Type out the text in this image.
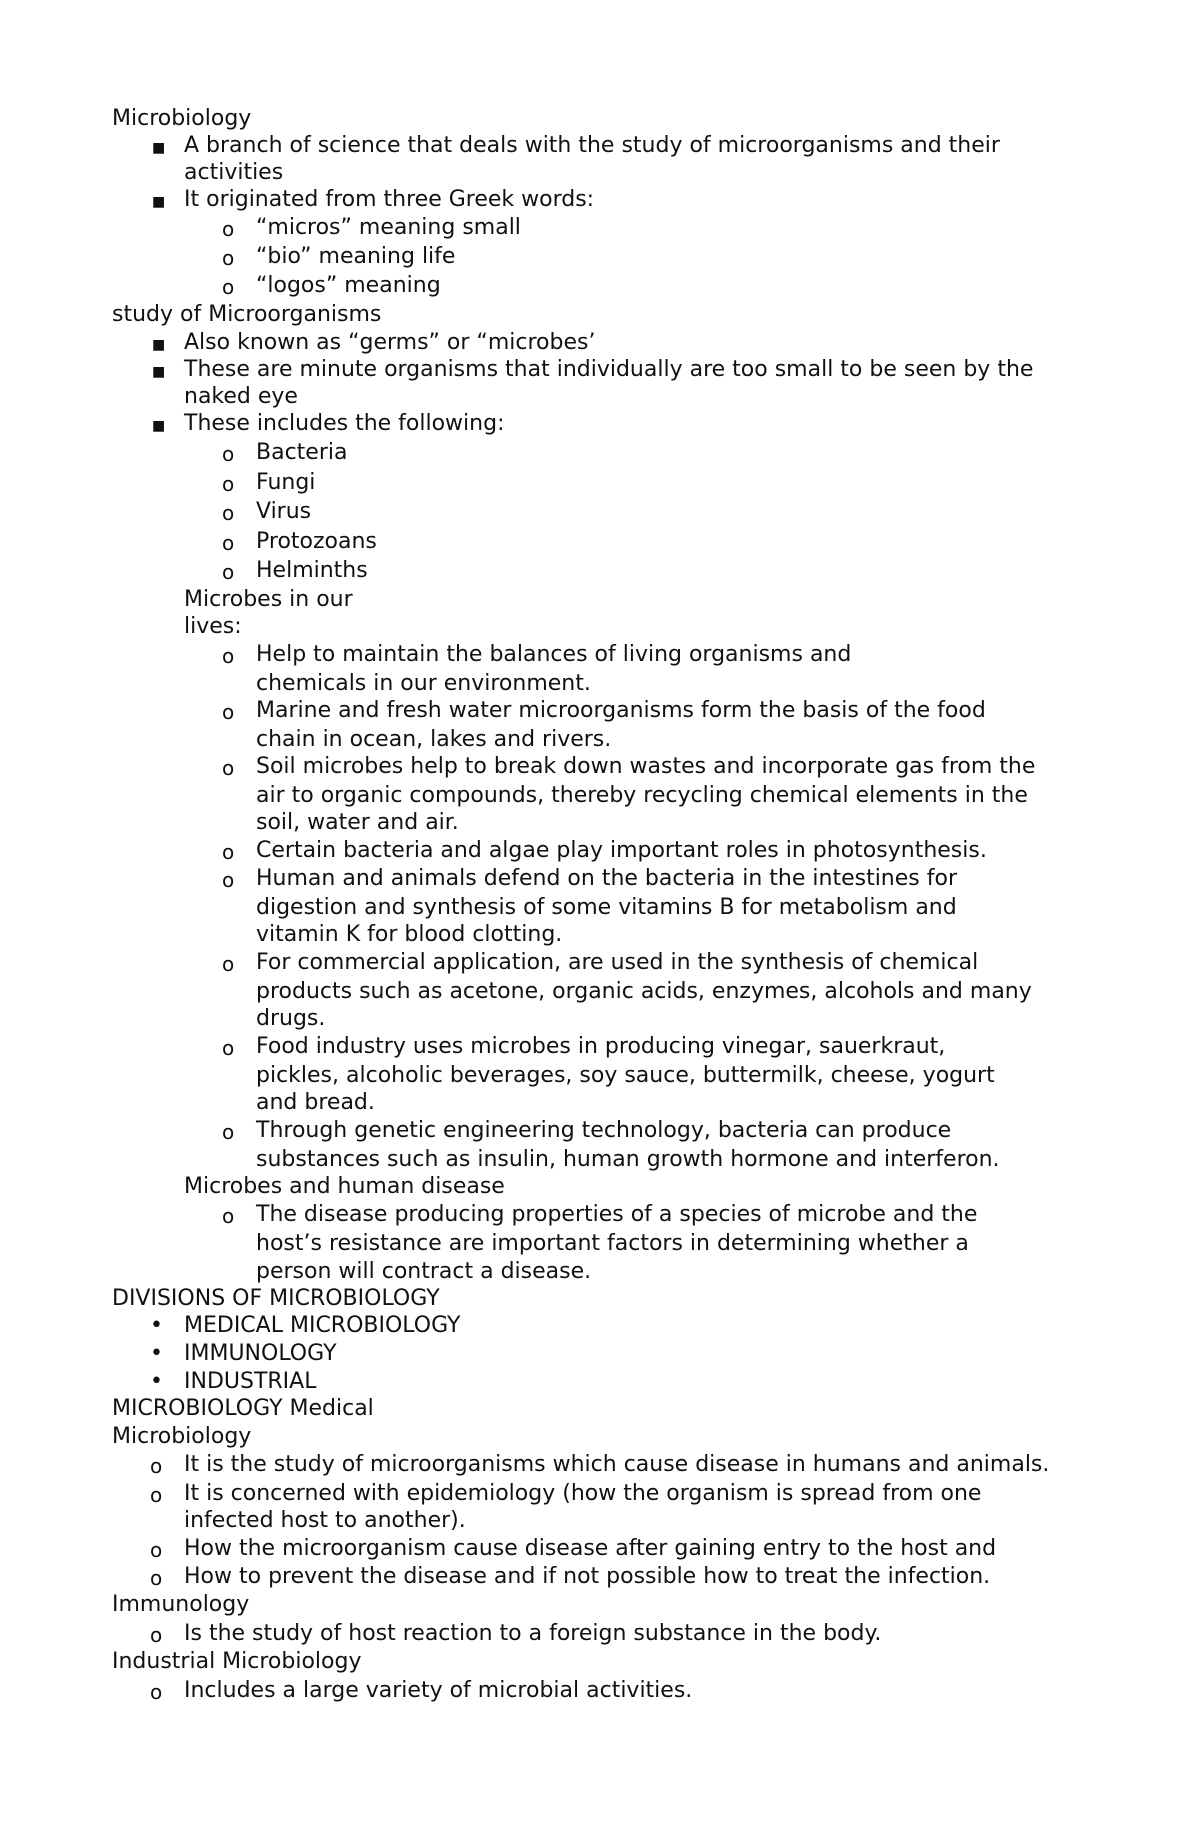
Microbiology
■ A branch of science that deals with the study of microorganisms and their
activities
■ It originated from three Greek words:
o “micros” meaning small
o “bio” meaning life
o “logos” meaning
study of Microorganisms
■ Also known as “germs” or “microbes’
■ These are minute organisms that individually are too small to be seen by the
naked eye
■ These includes the following:
o Bacteria
o Fungi
o Virus
o Protozoans
o Helminths
Microbes in our
lives:
o Help to maintain the balances of living organisms and
chemicals in our environment.
o Marine and fresh water microorganisms form the basis of the food
chain in ocean, lakes and rivers.
o Soil microbes help to break down wastes and incorporate gas from the
air to organic compounds, thereby recycling chemical elements in the
soil, water and air.
o Certain bacteria and algae play important roles in photosynthesis.
o Human and animals defend on the bacteria in the intestines for
digestion and synthesis of some vitamins B for metabolism and
vitamin K for blood clotting.
o For commercial application, are used in the synthesis of chemical
products such as acetone, organic acids, enzymes, alcohols and many
drugs.
o Food industry uses microbes in producing vinegar, sauerkraut,
pickles, alcoholic beverages, soy sauce, buttermilk, cheese, yogurt
and bread.
o Through genetic engineering technology, bacteria can produce
substances such as insulin, human growth hormone and interferon.
Microbes and human disease
o The disease producing properties of a species of microbe and the
host’s resistance are important factors in determining whether a
person will contract a disease.
DIVISIONS OF MICROBIOLOGY
• MEDICAL MICROBIOLOGY
• IMMUNOLOGY
• INDUSTRIAL
MICROBIOLOGY Medical
Microbiology
o It is the study of microorganisms which cause disease in humans and animals.
o It is concerned with epidemiology (how the organism is spread from one
infected host to another).
o How the microorganism cause disease after gaining entry to the host and
o How to prevent the disease and if not possible how to treat the infection.
Immunology
o Is the study of host reaction to a foreign substance in the body.
Industrial Microbiology
o Includes a large variety of microbial activities.
